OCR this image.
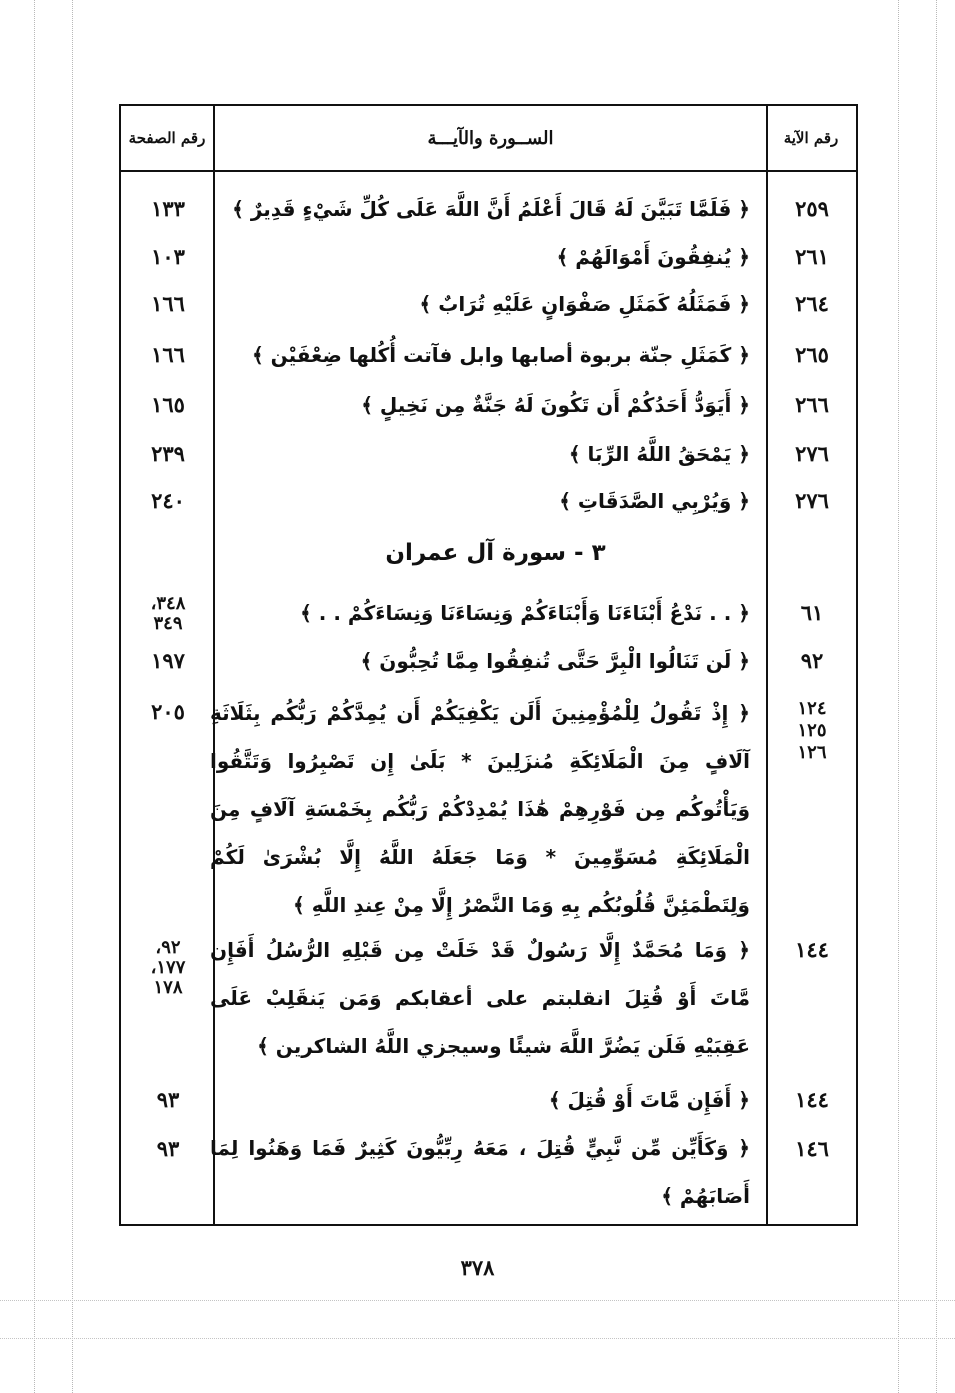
رقم الآية
الســورة والآيـــة
رقم الصفحة
٢٥٩
﴿ فَلَمَّا تَبَيَّنَ لَهُ قَالَ أَعْلَمُ أَنَّ اللَّهَ عَلَى كُلِّ شَيْءٍ قَدِيرٌ ﴾
١٣٣
٢٦١
﴿ يُنفِقُونَ أَمْوَالَهُمْ ﴾
١٠٣
٢٦٤
﴿ فَمَثَلُهُ كَمَثَلِ صَفْوَانٍ عَلَيْهِ تُرَابٌ ﴾
١٦٦
٢٦٥
﴿ كَمَثَلِ جنّة بربوة أصابها وابل فآتت أُكُلها ضِعْفَيْن ﴾
١٦٦
٢٦٦
﴿ أَيَوَدُّ أَحَدُكُمْ أَن تَكُونَ لَهُ جَنَّةٌ مِن نَخِيلٍ ﴾
١٦٥
٢٧٦
﴿ يَمْحَقُ اللَّهُ الرِّبَا ﴾
٢٣٩
٢٧٦
﴿ وَيُرْبِي الصَّدَقَاتِ ﴾
٢٤٠
٣ - سورة آل عمران
٦١
﴿ . . نَدْعُ أَبْنَاءَنَا وَأَبْنَاءَكُمْ وَنِسَاءَنَا وَنِسَاءَكُمْ . . ﴾
٣٤٨،
٣٤٩
٩٢
﴿ لَن تَنَالُوا الْبِرَّ حَتَّى تُنفِقُوا مِمَّا تُحِبُّونَ ﴾
١٩٧
١٢٤
١٢٥
١٢٦
﴿ إِذْ تَقُولُ لِلْمُؤْمِنِينَ أَلَن يَكْفِيَكُمْ أَن يُمِدَّكُمْ رَبُّكُم بِثَلَاثَةِ آلَافٍ مِنَ الْمَلَائِكَةِ مُنزَلِينَ * بَلَىٰ إِن تَصْبِرُوا وَتَتَّقُوا وَيَأْتُوكُم مِن فَوْرِهِمْ هَٰذَا يُمْدِدْكُمْ رَبُّكُم بِخَمْسَةِ آلَافٍ مِنَ الْمَلَائِكَةِ مُسَوِّمِينَ * وَمَا جَعَلَهُ اللَّهُ إِلَّا بُشْرَىٰ لَكُمْ وَلِتَطْمَئِنَّ قُلُوبُكُم بِهِ وَمَا النَّصْرُ إِلَّا مِنْ عِندِ اللَّهِ ﴾
٢٠٥
١٤٤
﴿ وَمَا مُحَمَّدٌ إِلَّا رَسُولٌ قَدْ خَلَتْ مِن قَبْلِهِ الرُّسُلُ أَفَإِن مَّاتَ أَوْ قُتِلَ انقلبتم على أعقابكم وَمَن يَنقَلِبْ عَلَى عَقِبَيْهِ فَلَن يَضُرَّ اللَّهَ شيئًا وسيجزي اللَّهُ الشاكرين ﴾
٩٢،
١٧٧،
١٧٨
١٤٤
﴿ أَفَإِن مَّاتَ أَوْ قُتِلَ ﴾
٩٣
١٤٦
﴿ وَكَأَيِّن مِّن نَّبِيٍّ قُتِلَ ، مَعَهُ رِبِّيُّونَ كَثِيرٌ فَمَا وَهَنُوا لِمَا أَصَابَهُمْ ﴾
٩٣
٣٧٨
